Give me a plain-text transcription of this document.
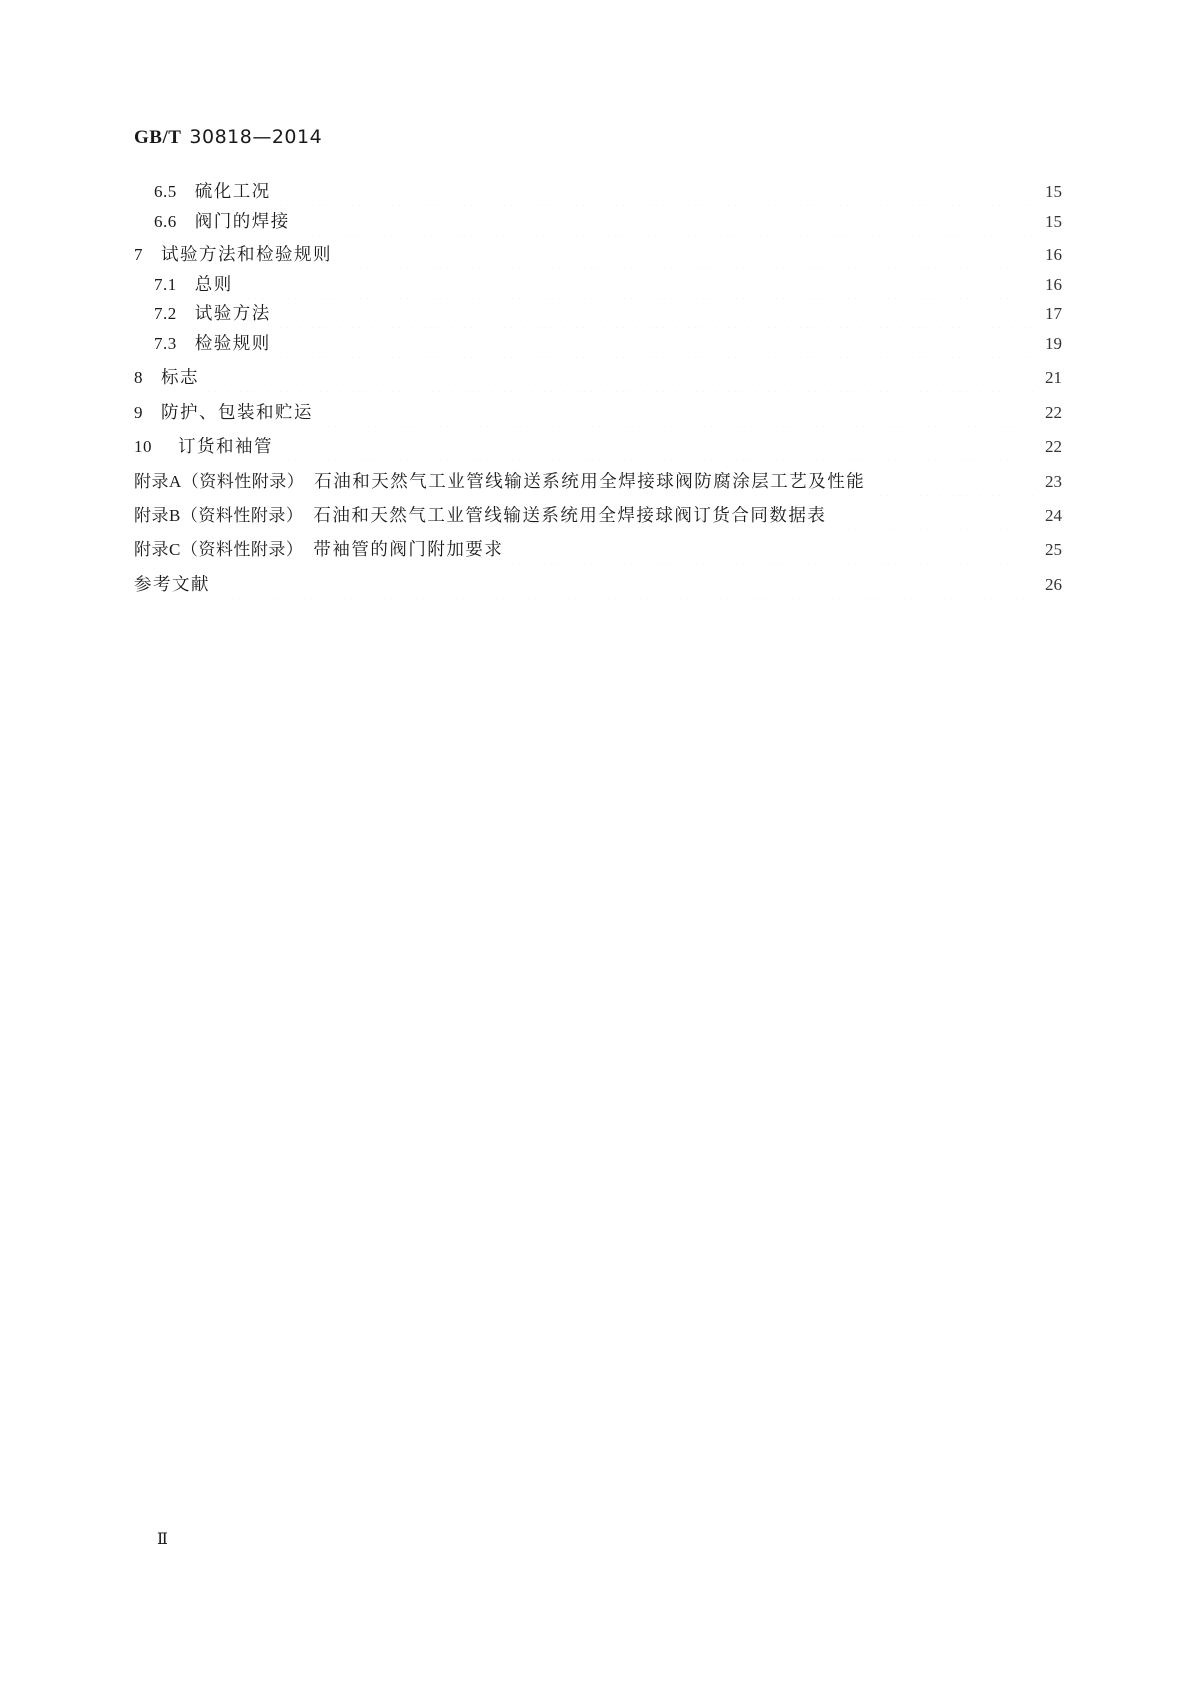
GB/T 30818—2014
6.5 硫化工况	15
6.6 阀门的焊接	15
7 试验方法和检验规则	16
7.1 总则	16
7.2 试验方法	17
7.3 检验规则	19
8 标志	21
9 防护、包装和贮运	22
10 订货和袖管	22
附录A（资料性附录） 石油和天然气工业管线输送系统用全焊接球阀防腐涂层工艺及性能	23
附录B（资料性附录） 石油和天然气工业管线输送系统用全焊接球阀订货合同数据表	24
附录C（资料性附录） 带袖管的阀门附加要求	25
参考文献	26
Ⅱ
